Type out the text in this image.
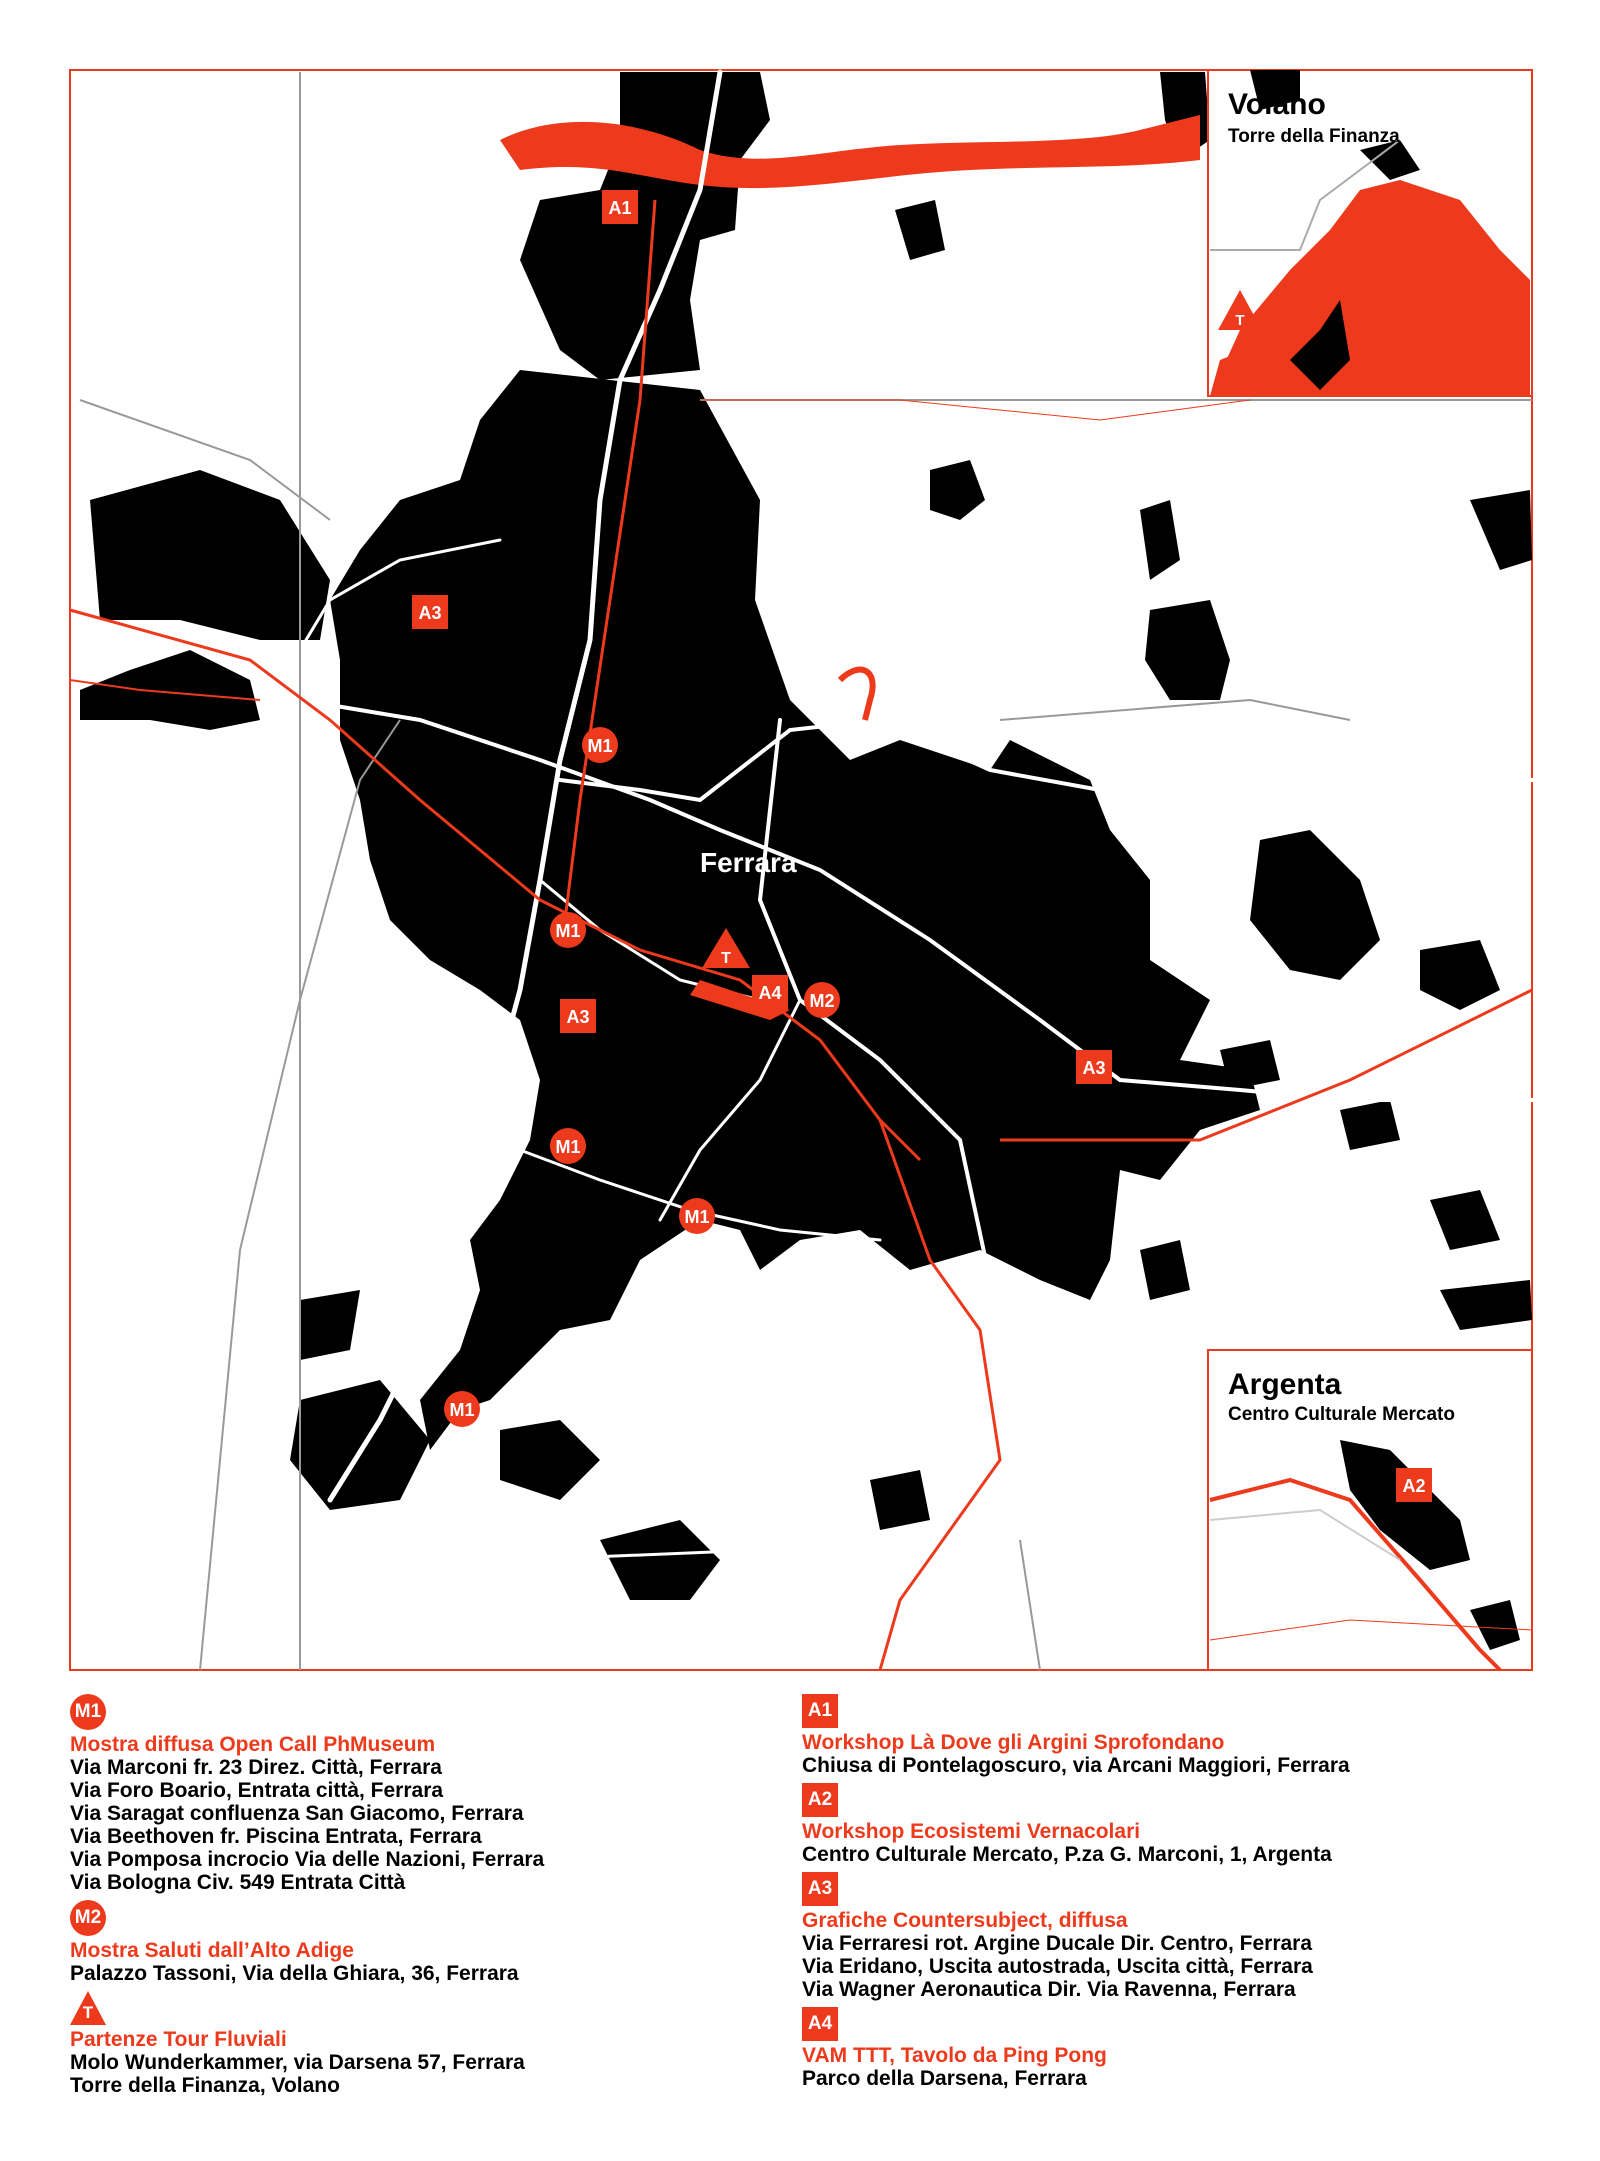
Ferrara
A1
A3
M1
M1
T
A4 M2
A3
M1
M1
A3
M1
Volano
Torre della Finanza
T
Argenta
Centro Culturale Mercato
A2
M1
Mostra diffusa Open Call PhMuseum
Via Marconi fr. 23 Direz. Città, Ferrara
Via Foro Boario, Entrata città, Ferrara
Via Saragat confluenza San Giacomo, Ferrara
Via Beethoven fr. Piscina Entrata, Ferrara
Via Pomposa incrocio Via delle Nazioni, Ferrara
Via Bologna Civ. 549 Entrata Città
M2
Mostra Saluti dall’Alto Adige
Palazzo Tassoni, Via della Ghiara, 36, Ferrara
T
Partenze Tour Fluviali
Molo Wunderkammer, via Darsena 57, Ferrara
Torre della Finanza, Volano
A1
Workshop Là Dove gli Argini Sprofondano
Chiusa di Pontelagoscuro, via Arcani Maggiori, Ferrara
A2
Workshop Ecosistemi Vernacolari
Centro Culturale Mercato, P.za G. Marconi, 1, Argenta
A3
Grafiche Countersubject, diffusa
Via Ferraresi rot. Argine Ducale Dir. Centro, Ferrara
Via Eridano, Uscita autostrada, Uscita città, Ferrara
Via Wagner Aeronautica Dir. Via Ravenna, Ferrara
A4
VAM TTT, Tavolo da Ping Pong
Parco della Darsena, Ferrara
